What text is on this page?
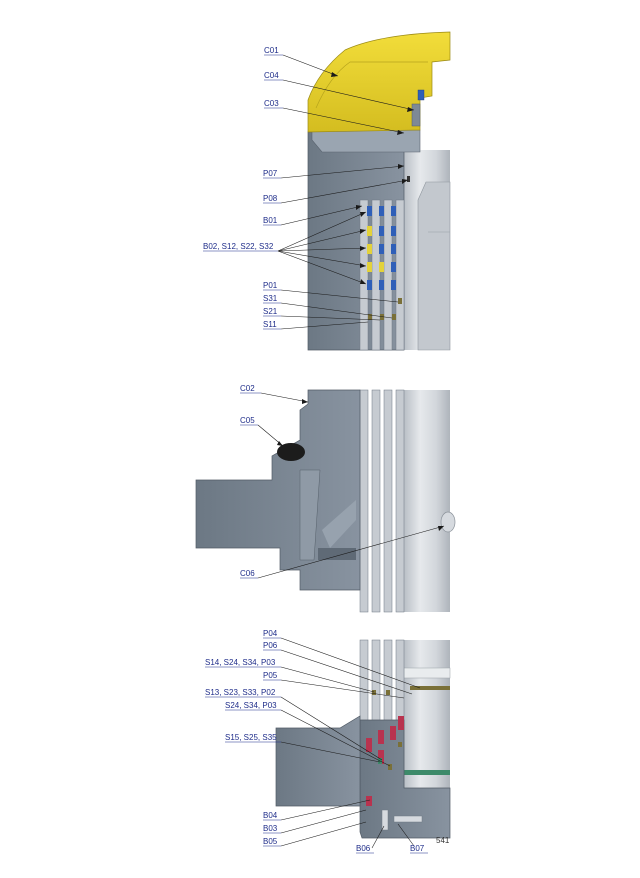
C01
C04
C03
P07
P08
B01
B02, S12, S22, S32
P01
S31
S21
S11
C02
C05
C06
P04
P06
S14, S24, S34, P03
P05
S13, S23, S33, P02
S24, S34, P03
S15, S25, S35
B04
B03
B05
B06	B07
541
